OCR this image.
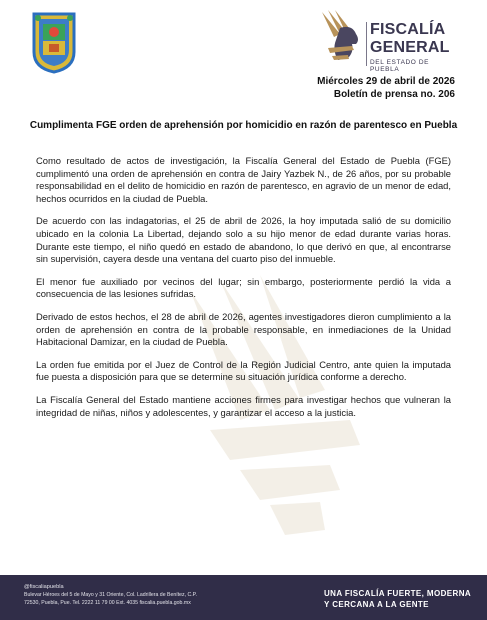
FISCALÍA
GENERAL
DEL ESTADO DE PUEBLA
Miércoles 29 de abril de 2026
Boletín de prensa no. 206
Cumplimenta FGE orden de aprehensión por homicidio en razón de parentesco en Puebla

Como resultado de actos de investigación, la Fiscalía General del Estado de Puebla (FGE) cumplimentó una orden de aprehensión en contra de Jairy Yazbek N., de 26 años, por su probable responsabilidad en el delito de homicidio en razón de parentesco, en agravio de un menor de edad, hechos ocurridos en la ciudad de Puebla.

De acuerdo con las indagatorias, el 25 de abril de 2026, la hoy imputada salió de su domicilio ubicado en la colonia La Libertad, dejando solo a su hijo menor de edad durante varias horas. Durante este tiempo, el niño quedó en estado de abandono, lo que derivó en que, al encontrarse sin supervisión, cayera desde una ventana del cuarto piso del inmueble.

El menor fue auxiliado por vecinos del lugar; sin embargo, posteriormente perdió la vida a consecuencia de las lesiones sufridas.

Derivado de estos hechos, el 28 de abril de 2026, agentes investigadores dieron cumplimiento a la orden de aprehensión en contra de la probable responsable, en inmediaciones de la Unidad Habitacional Damizar, en la ciudad de Puebla.

La orden fue emitida por el Juez de Control de la Región Judicial Centro, ante quien la imputada fue puesta a disposición para que se determine su situación jurídica conforme a derecho.

La Fiscalía General del Estado mantiene acciones firmes para investigar hechos que vulneran la integridad de niñas, niños y adolescentes, y garantizar el acceso a la justicia.

@fiscaliapuebla
Bulevar Héroes del 5 de Mayo y 31 Oriente, Col. Ladrillera de Benítez, C.P.
72530, Puebla, Pue. Tel. 2222 11 79 00 Ext. 4035 fiscalia.puebla.gob.mx
UNA FISCALÍA FUERTE, MODERNA
Y CERCANA A LA GENTE
